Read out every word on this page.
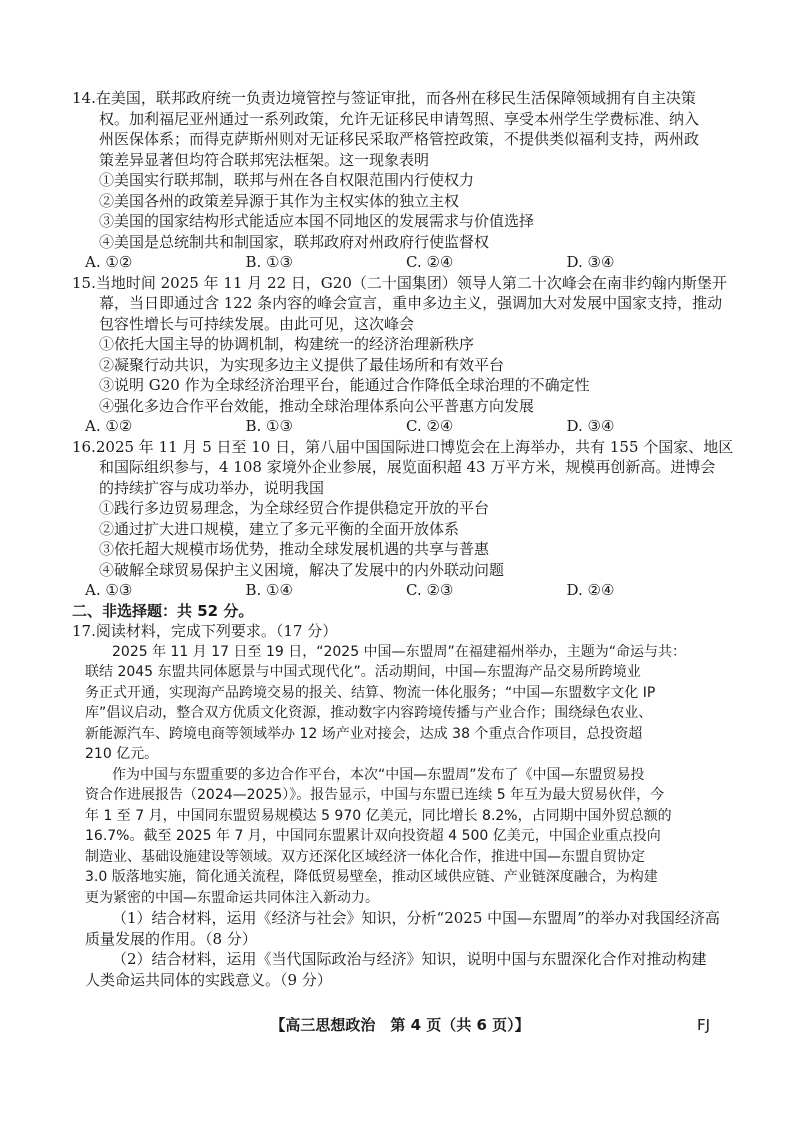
14.在美国，联邦政府统一负责边境管控与签证审批，而各州在移民生活保障领域拥有自主决策
权。加利福尼亚州通过一系列政策，允许无证移民申请驾照、享受本州学生学费标准、纳入
州医保体系；而得克萨斯州则对无证移民采取严格管控政策，不提供类似福利支持，两州政
策差异显著但均符合联邦宪法框架。这一现象表明
①美国实行联邦制，联邦与州在各自权限范围内行使权力
②美国各州的政策差异源于其作为主权实体的独立主权
③美国的国家结构形式能适应本国不同地区的发展需求与价值选择
④美国是总统制共和制国家，联邦政府对州政府行使监督权
A. ①②	B. ①③	C. ②④	D. ③④
15.当地时间 2025 年 11 月 22 日，G20（二十国集团）领导人第二十次峰会在南非约翰内斯堡开
幕，当日即通过含 122 条内容的峰会宣言，重申多边主义，强调加大对发展中国家支持，推动
包容性增长与可持续发展。由此可见，这次峰会
①依托大国主导的协调机制，构建统一的经济治理新秩序
②凝聚行动共识，为实现多边主义提供了最佳场所和有效平台
③说明 G20 作为全球经济治理平台，能通过合作降低全球治理的不确定性
④强化多边合作平台效能，推动全球治理体系向公平普惠方向发展
A. ①②	B. ①③	C. ②④	D. ③④
16.2025 年 11 月 5 日至 10 日，第八届中国国际进口博览会在上海举办，共有 155 个国家、地区
和国际组织参与，4 108 家境外企业参展，展览面积超 43 万平方米，规模再创新高。进博会
的持续扩容与成功举办，说明我国
①践行多边贸易理念，为全球经贸合作提供稳定开放的平台
②通过扩大进口规模，建立了多元平衡的全面开放体系
③依托超大规模市场优势，推动全球发展机遇的共享与普惠
④破解全球贸易保护主义困境，解决了发展中的内外联动问题
A. ①③	B. ①④	C. ②③	D. ②④
二、非选择题：共 52 分。
17.阅读材料，完成下列要求。（17 分）
2025 年 11 月 17 日至 19 日，“2025 中国—东盟周”在福建福州举办，主题为“命运与共：
联结 2045 东盟共同体愿景与中国式现代化”。活动期间，中国—东盟海产品交易所跨境业
务正式开通，实现海产品跨境交易的报关、结算、物流一体化服务；“中国—东盟数字文化 IP
库”倡议启动，整合双方优质文化资源，推动数字内容跨境传播与产业合作；围绕绿色农业、
新能源汽车、跨境电商等领域举办 12 场产业对接会，达成 38 个重点合作项目，总投资超
210 亿元。
作为中国与东盟重要的多边合作平台，本次“中国—东盟周”发布了《中国—东盟贸易投
资合作进展报告（2024—2025）》。报告显示，中国与东盟已连续 5 年互为最大贸易伙伴，今
年 1 至 7 月，中国同东盟贸易规模达 5 970 亿美元，同比增长 8.2%，占同期中国外贸总额的
16.7%。截至 2025 年 7 月，中国同东盟累计双向投资超 4 500 亿美元，中国企业重点投向
制造业、基础设施建设等领域。双方还深化区域经济一体化合作，推进中国—东盟自贸协定
3.0 版落地实施，简化通关流程，降低贸易壁垒，推动区域供应链、产业链深度融合，为构建
更为紧密的中国—东盟命运共同体注入新动力。
（1）结合材料，运用《经济与社会》知识，分析“2025 中国—东盟周”的举办对我国经济高
质量发展的作用。（8 分）
（2）结合材料，运用《当代国际政治与经济》知识，说明中国与东盟深化合作对推动构建
人类命运共同体的实践意义。（9 分）
【高三思想政治　第 4 页（共 6 页）】	FJ
